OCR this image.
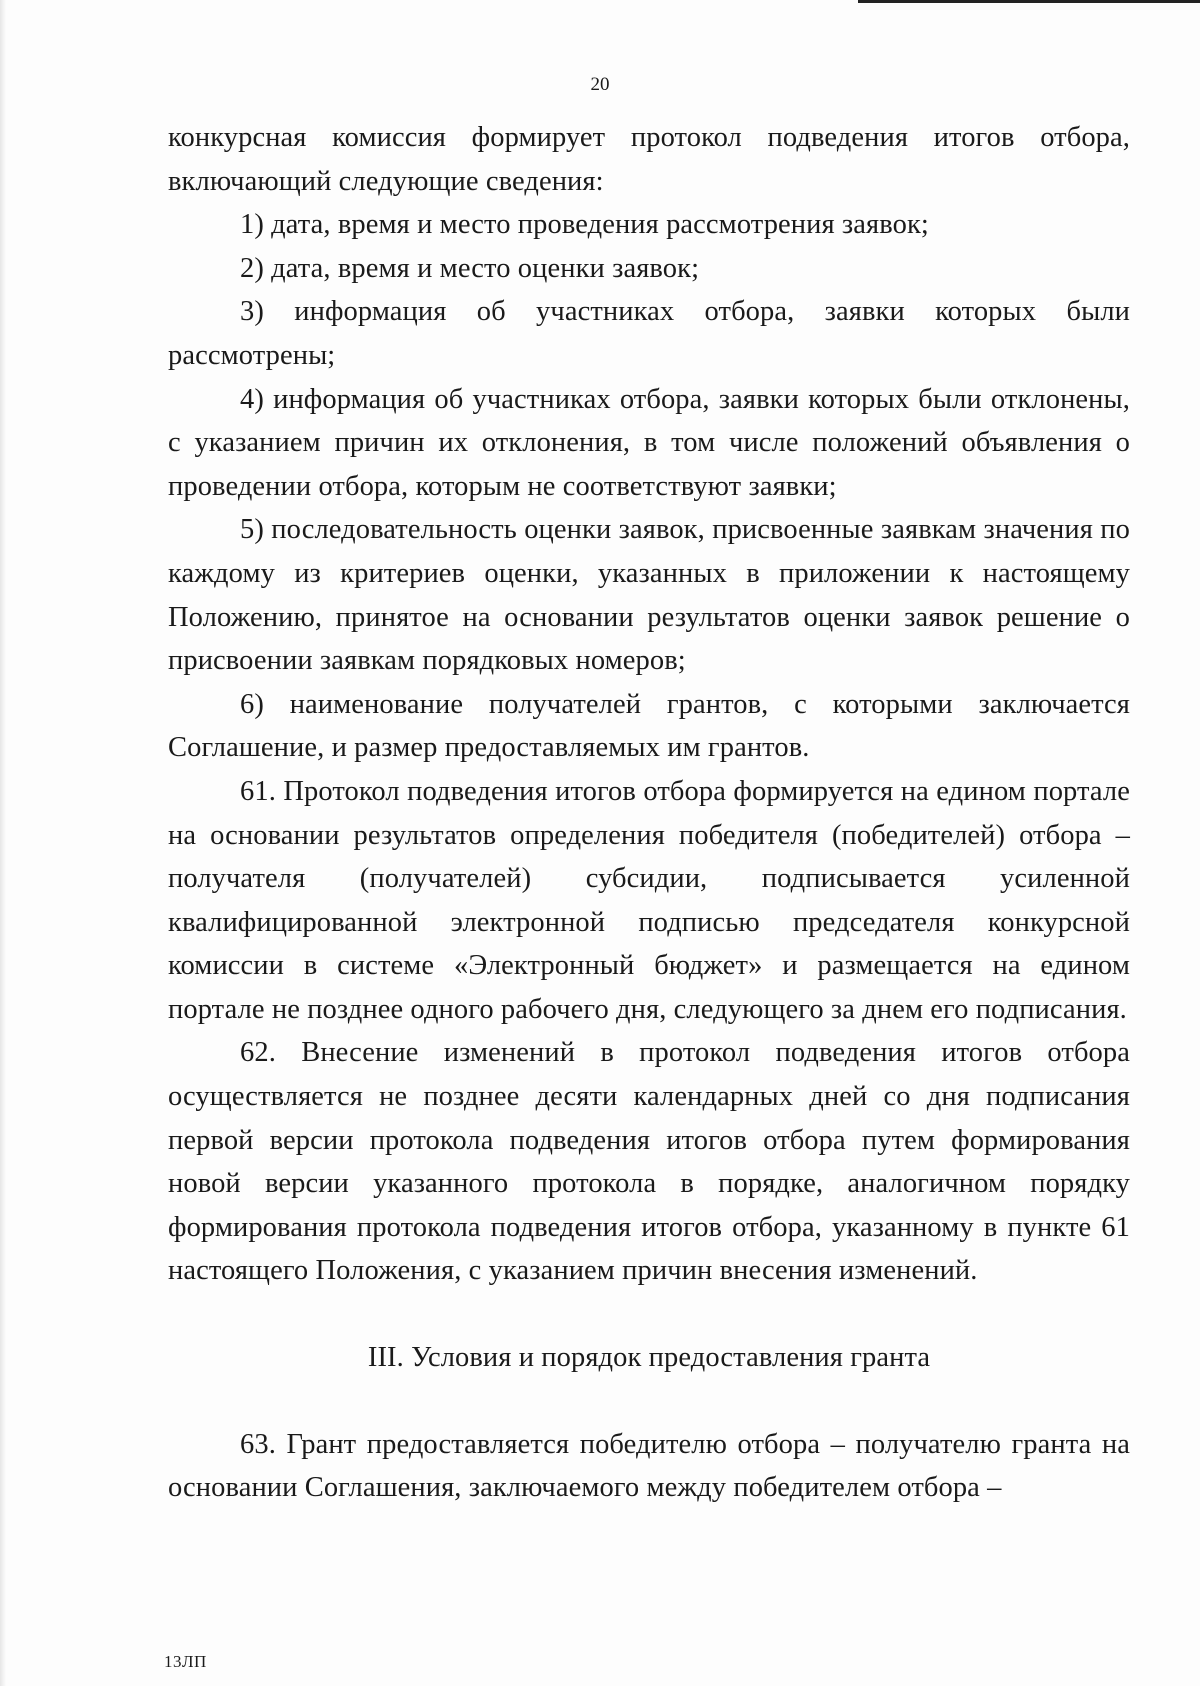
20

конкурсная комиссия формирует протокол подведения итогов отбора, включающий следующие сведения:

1) дата, время и место проведения рассмотрения заявок;

2) дата, время и место оценки заявок;

3) информация об участниках отбора, заявки которых были рассмотрены;

4) информация об участниках отбора, заявки которых были отклонены, с указанием причин их отклонения, в том числе положений объявления о проведении отбора, которым не соответствуют заявки;

5) последовательность оценки заявок, присвоенные заявкам значения по каждому из критериев оценки, указанных в приложении к настоящему Положению, принятое на основании результатов оценки заявок решение о присвоении заявкам порядковых номеров;

6) наименование получателей грантов, с которыми заключается Соглашение, и размер предоставляемых им грантов.

61. Протокол подведения итогов отбора формируется на едином портале на основании результатов определения победителя (победителей) отбора – получателя (получателей) субсидии, подписывается усиленной квалифицированной электронной подписью председателя конкурсной комиссии в системе «Электронный бюджет» и размещается на едином портале не позднее одного рабочего дня, следующего за днем его подписания.

62. Внесение изменений в протокол подведения итогов отбора осуществляется не позднее десяти календарных дней со дня подписания первой версии протокола подведения итогов отбора путем формирования новой версии указанного протокола в порядке, аналогичном порядку формирования протокола подведения итогов отбора, указанному в пункте 61 настоящего Положения, с указанием причин внесения изменений.

III. Условия и порядок предоставления гранта

63. Грант предоставляется победителю отбора – получателю гранта на основании Соглашения, заключаемого между победителем отбора –

13ЛП
